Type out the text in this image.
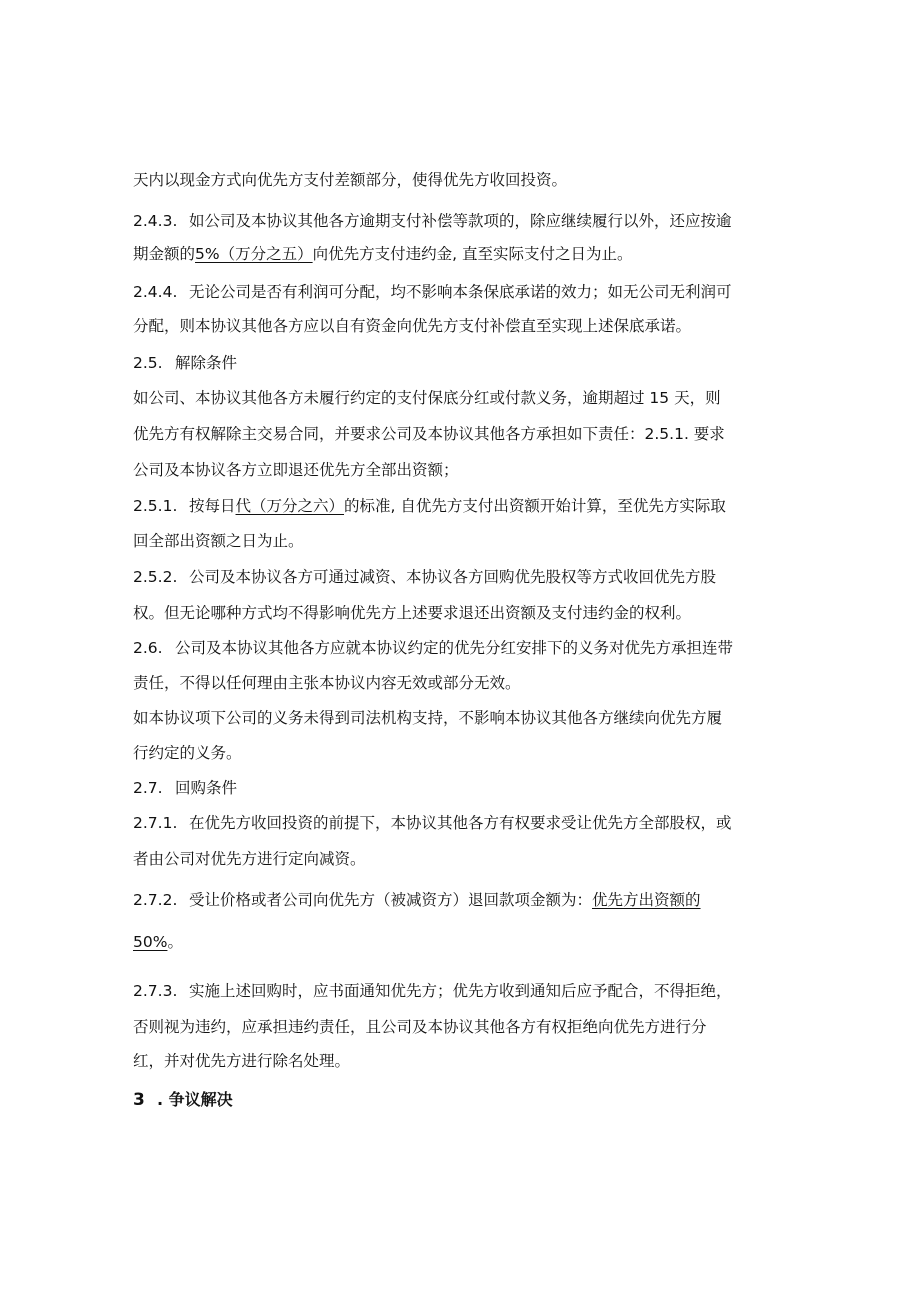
天内以现金方式向优先方支付差额部分，使得优先方收回投资。
2.4.3. 如公司及本协议其他各方逾期支付补偿等款项的，除应继续履行以外，还应按逾
期金额的5%（万分之五）向优先方支付违约金, 直至实际支付之日为止。
2.4.4. 无论公司是否有利润可分配，均不影响本条保底承诺的效力；如无公司无利润可
分配，则本协议其他各方应以自有资金向优先方支付补偿直至实现上述保底承诺。
2.5. 解除条件
如公司、本协议其他各方未履行约定的支付保底分红或付款义务，逾期超过 15 天，则
优先方有权解除主交易合同，并要求公司及本协议其他各方承担如下责任：2.5.1. 要求
公司及本协议各方立即退还优先方全部出资额；
2.5.1. 按每日代（万分之六）的标准, 自优先方支付出资额开始计算，至优先方实际取
回全部出资额之日为止。
2.5.2. 公司及本协议各方可通过减资、本协议各方回购优先股权等方式收回优先方股
权。但无论哪种方式均不得影响优先方上述要求退还出资额及支付违约金的权利。
2.6. 公司及本协议其他各方应就本协议约定的优先分红安排下的义务对优先方承担连带
责任，不得以任何理由主张本协议内容无效或部分无效。
如本协议项下公司的义务未得到司法机构支持，不影响本协议其他各方继续向优先方履
行约定的义务。
2.7. 回购条件
2.7.1. 在优先方收回投资的前提下，本协议其他各方有权要求受让优先方全部股权，或
者由公司对优先方进行定向减资。
2.7.2. 受让价格或者公司向优先方（被减资方）退回款项金额为：优先方出资额的
50%。
2.7.3. 实施上述回购时，应书面通知优先方；优先方收到通知后应予配合，不得拒绝，
否则视为违约，应承担违约责任，且公司及本协议其他各方有权拒绝向优先方进行分
红，并对优先方进行除名处理。
3 . 争议解决
